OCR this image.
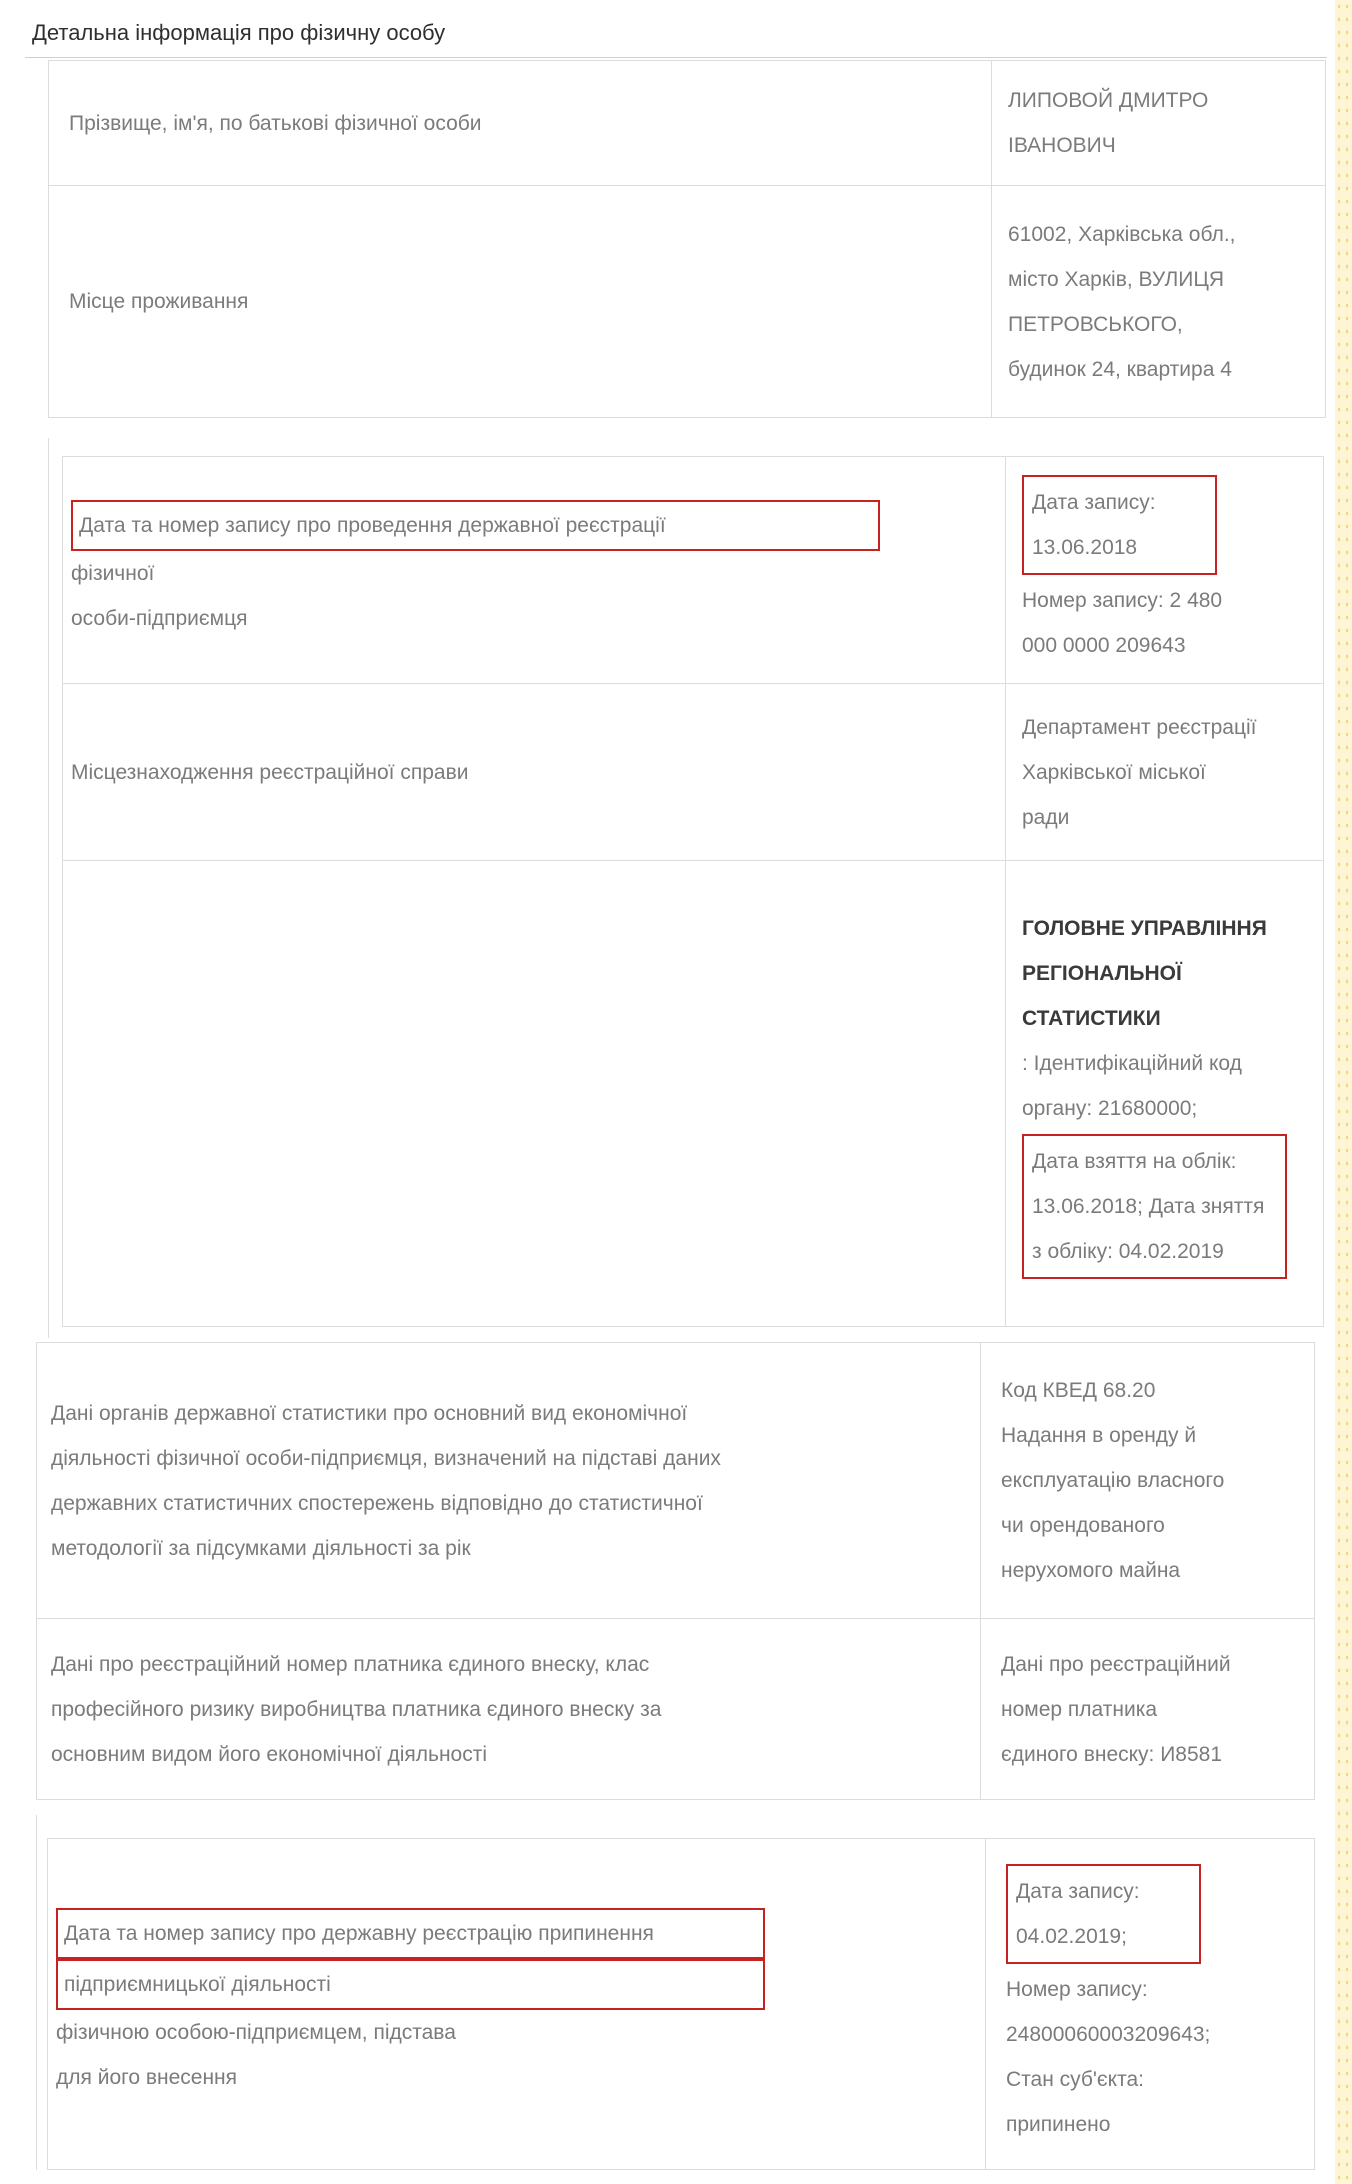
Детальна інформація про фізичну особу
Прізвище, ім'я, по батькові фізичної особи
ЛИПОВОЙ ДМИТРО
ІВАНОВИЧ
Місце проживання
61002, Харківська обл.,
місто Харків, ВУЛИЦЯ
ПЕТРОВСЬКОГО,
будинок 24, квартира 4
Дата та номер запису про проведення державної реєстрації
фізичної
особи-підприємця
Дата запису: 13.06.2018
Номер запису: 2 480
000 0000 209643
Місцезнаходження реєстраційної справи
Департамент реєстрації
Харківської міської
ради
ГОЛОВНЕ УПРАВЛІННЯ РЕГІОНАЛЬНОЇ СТАТИСТИКИ
: Ідентифікаційний код органу: 21680000;
Дата взяття на облік: 13.06.2018; Дата зняття з обліку: 04.02.2019
Дані органів державної статистики про основний вид економічної
діяльності фізичної особи-підприємця, визначений на підставі даних
державних статистичних спостережень відповідно до статистичної
методології за підсумками діяльності за рік
Код КВЕД 68.20
Надання в оренду й
експлуатацію власного
чи орендованого
нерухомого майна
Дані про реєстраційний номер платника єдиного внеску, клас
професійного ризику виробництва платника єдиного внеску за
основним видом його економічної діяльності
Дані про реєстраційний
номер платника
єдиного внеску: И8581
Дата та номер запису про державну реєстрацію припинення
підприємницької діяльності
фізичною особою-підприємцем, підстава
для його внесення
Дата запису: 04.02.2019;
Номер запису:
24800060003209643;
Стан суб'єкта:
припинено
